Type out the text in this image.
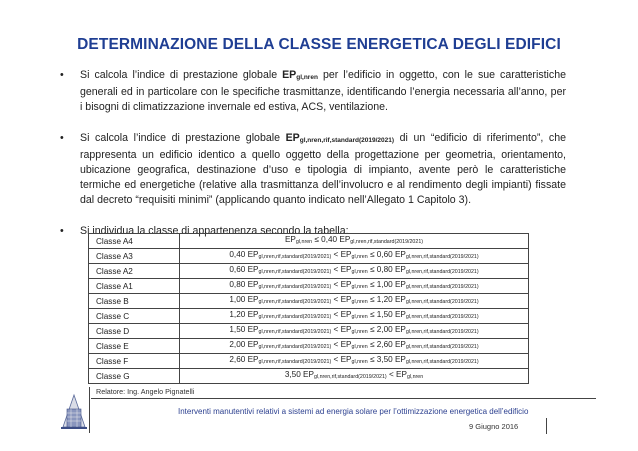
DETERMINAZIONE DELLA CLASSE ENERGETICA DEGLI EDIFICI
• Si calcola l’indice di prestazione globale $EP_{gl,nren}$ per l’edificio in oggetto, con le sue caratteristiche generali ed in particolare con le specifiche trasmittanze, identificando l’energia necessaria all’anno, per i bisogni di climatizzazione invernale ed estiva, ACS, ventilazione.
• Si calcola l’indice di prestazione globale $EP_{gl,nren,rif,standard(2019/2021)}$ di un “edificio di riferimento”, che rappresenta un edificio identico a quello oggetto della progettazione per geometria, orientamento, ubicazione geografica, destinazione d’uso e tipologia di impianto, avente però le caratteristiche termiche ed energetiche (relative alla trasmittanza dell’involucro e al rendimento degli impianti) fissate dal decreto “requisiti minimi” (applicando quanto indicato nell’Allegato 1 Capitolo 3).
• Si individua la classe di appartenenza secondo la tabella:
Classe A4	$EP_{gl,nren} \le 0,40$ $EP_{gl,nren,rif,standard(2019/2021)}$
Classe A3	0,40 $EP_{gl,nren,rif,standard(2019/2021)} < EP_{gl,nren} \le 0,60$ $EP_{gl,nren,rif,standard(2019/2021)}$
Classe A2	0,60 $EP_{gl,nren,rif,standard(2019/2021)} < EP_{gl,nren} \le 0,80$ $EP_{gl,nren,rif,standard(2019/2021)}$
Classe A1	0,80 $EP_{gl,nren,rif,standard(2019/2021)} < EP_{gl,nren} \le 1,00$ $EP_{gl,nren,rif,standard(2019/2021)}$
Classe B	1,00 $EP_{gl,nren,rif,standard(2019/2021)} < EP_{gl,nren} \le 1,20$ $EP_{gl,nren,rif,standard(2019/2021)}$
Classe C	1,20 $EP_{gl,nren,rif,standard(2019/2021)} < EP_{gl,nren} \le 1,50$ $EP_{gl,nren,rif,standard(2019/2021)}$
Classe D	1,50 $EP_{gl,nren,rif,standard(2019/2021)} < EP_{gl,nren} \le 2,00$ $EP_{gl,nren,rif,standard(2019/2021)}$
Classe E	2,00 $EP_{gl,nren,rif,standard(2019/2021)} < EP_{gl,nren} \le 2,60$ $EP_{gl,nren,rif,standard(2019/2021)}$
Classe F	2,60 $EP_{gl,nren,rif,standard(2019/2021)} < EP_{gl,nren} \le 3,50$ $EP_{gl,nren,rif,standard(2019/2021)}$
Classe G	3,50 $EP_{gl,nren,rif,standard(2019/2021)} < EP_{gl,nren}$
Relatore: Ing. Angelo Pignatelli
Interventi manutentivi relativi a sistemi ad energia solare per l’ottimizzazione energetica dell’edificio
9 Giugno 2016
